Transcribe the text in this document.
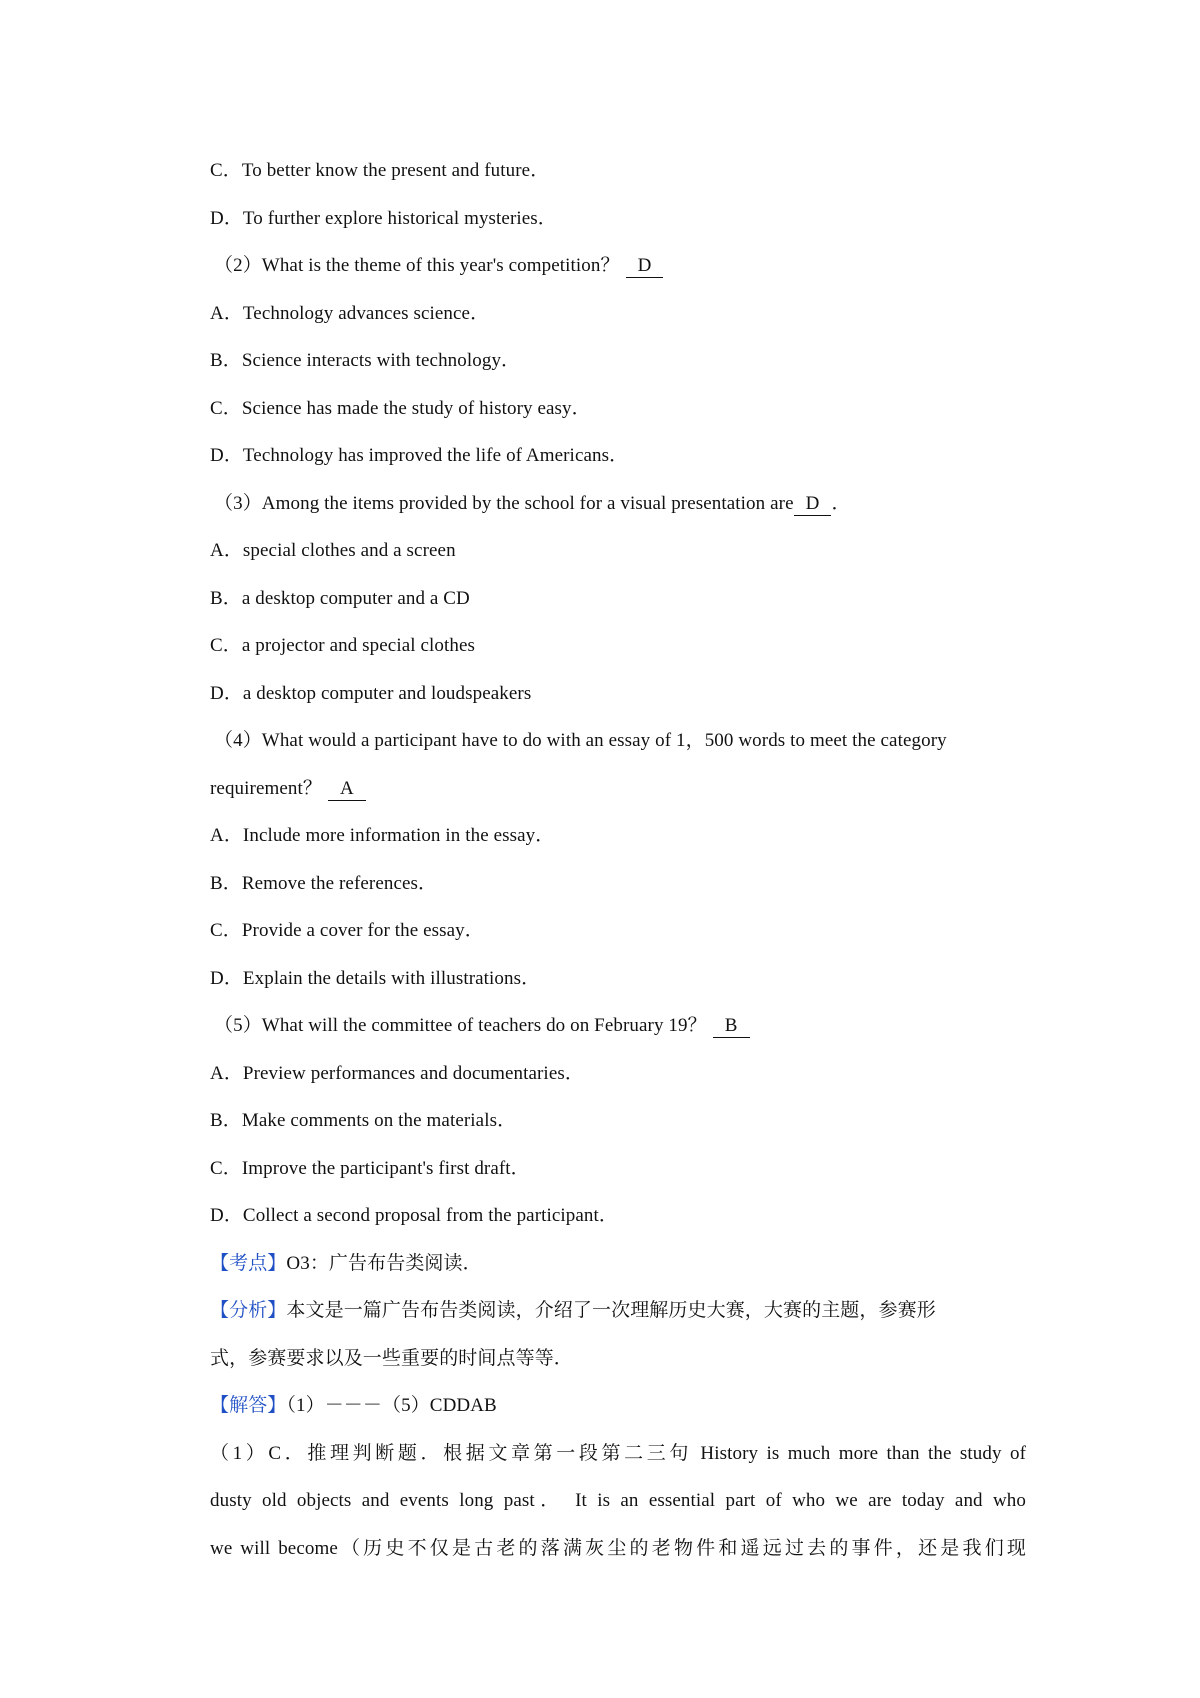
C．To better know the present and future．
D．To further explore historical mysteries．
（2）What is the theme of this year's competition？ D
A．Technology advances science．
B．Science interacts with technology．
C．Science has made the study of history easy．
D．Technology has improved the life of Americans．
（3）Among the items provided by the school for a visual presentation are D ．
A．special clothes and a screen
B．a desktop computer and a CD
C．a projector and special clothes
D．a desktop computer and loudspeakers
（4）What would a participant have to do with an essay of 1，500 words to meet the category
requirement？ A
A．Include more information in the essay．
B．Remove the references．
C．Provide a cover for the essay．
D．Explain the details with illustrations．
（5）What will the committee of teachers do on February 19？ B
A．Preview performances and documentaries．
B．Make comments on the materials．
C．Improve the participant's first draft．
D．Collect a second proposal from the participant．
【考点】O3：广告布告类阅读．
【分析】本文是一篇广告布告类阅读，介绍了一次理解历史大赛，大赛的主题，参赛形
式，参赛要求以及一些重要的时间点等等．
【解答】（1）－－－（5）CDDAB
（1）C．推理判断题．根据文章第一段第二三句 History is much more than the study of
dusty old objects and events long past． It is an essential part of who we are today and who
we will become（历史不仅是古老的落满灰尘的老物件和遥远过去的事件，还是我们现
